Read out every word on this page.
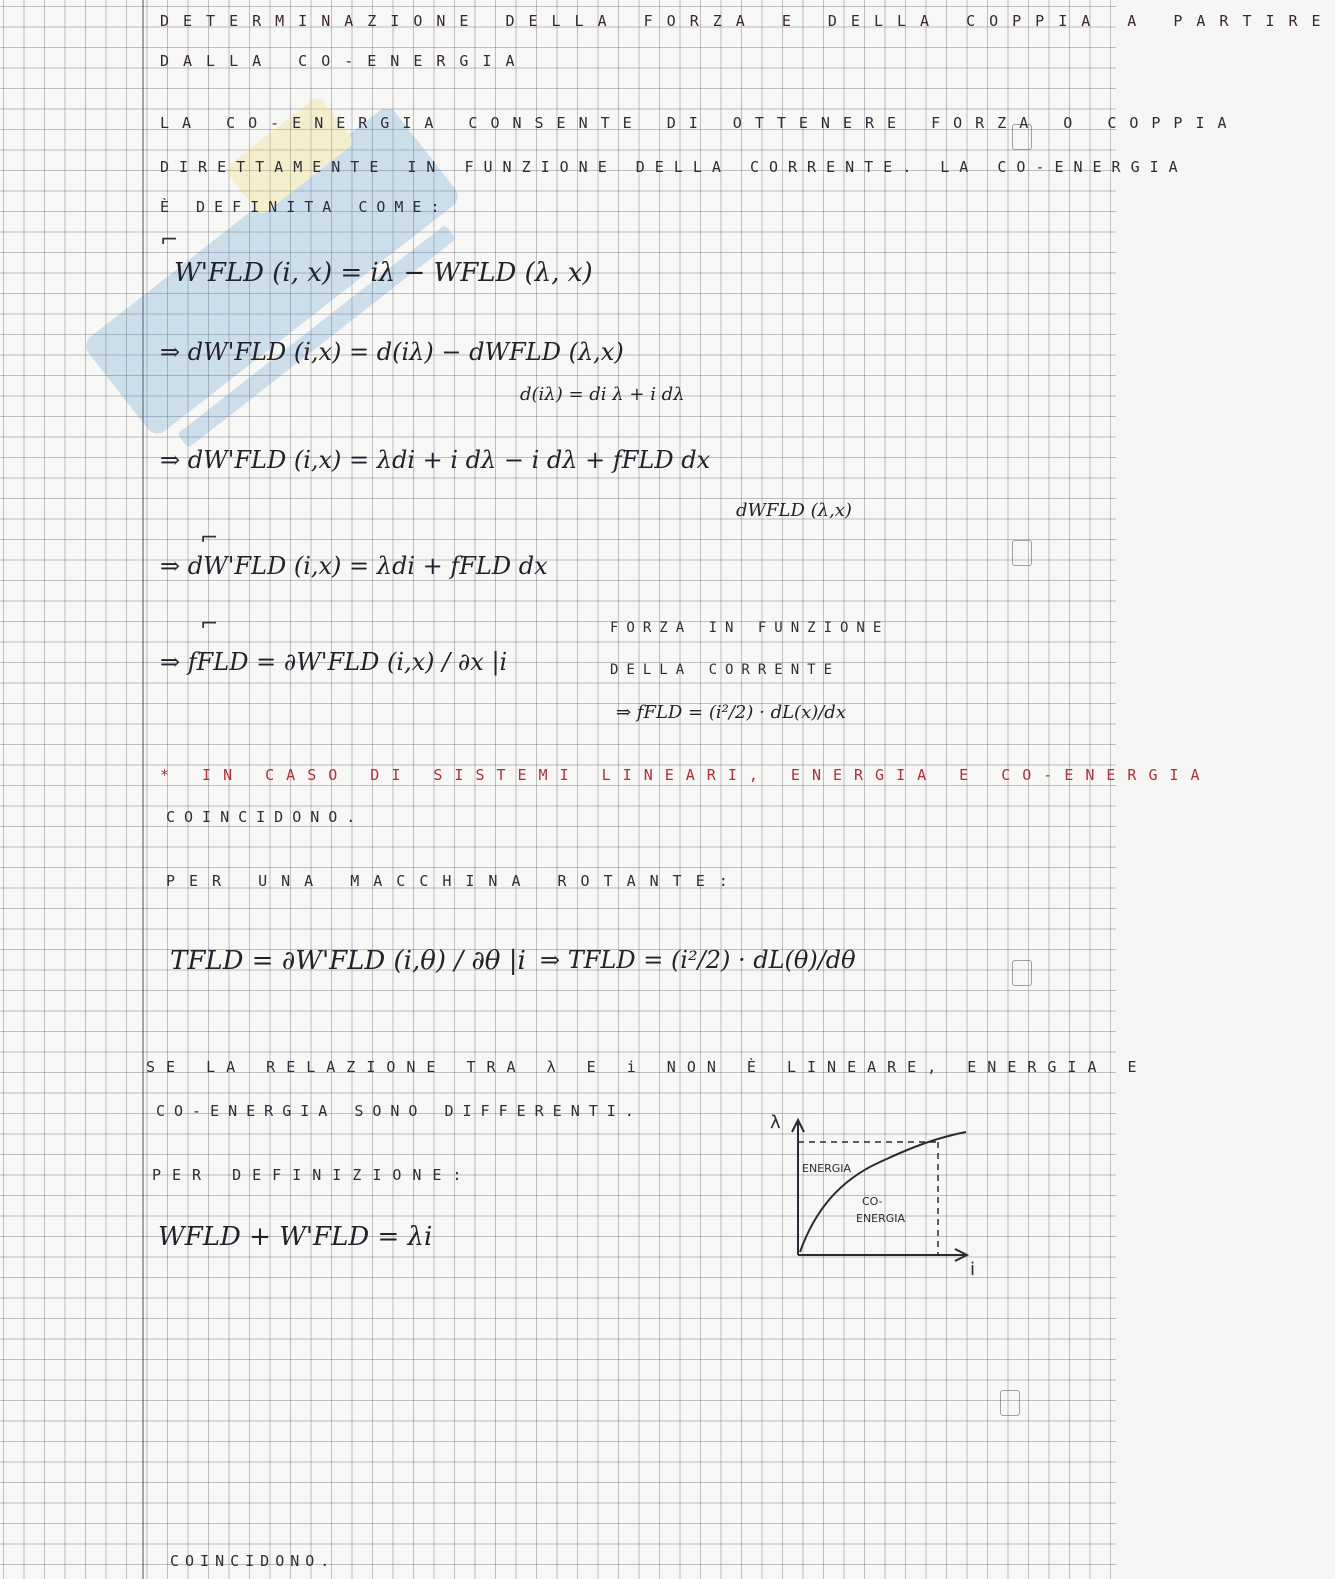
DETERMINAZIONE DELLA FORZA E DELLA COPPIA A PARTIRE
DALLA CO-ENERGIA
LA CO-ENERGIA CONSENTE DI OTTENERE FORZA O COPPIA
DIRETTAMENTE IN FUNZIONE DELLA CORRENTE. LA CO-ENERGIA
È DEFINITA COME:
⌐
W'FLD (i, x) = iλ − WFLD (λ, x)
⇒ dW'FLD (i,x) = d(iλ) − dWFLD (λ,x)
d(iλ) = di λ + i dλ
⇒ dW'FLD (i,x) = λdi + i dλ − i dλ + fFLD dx
dWFLD (λ,x)
⌐
⇒ dW'FLD (i,x) = λdi + fFLD dx
⌐
⇒ fFLD = ∂W'FLD (i,x) / ∂x |i
FORZA IN FUNZIONE
DELLA CORRENTE
⇒ fFLD = (i²/2) · dL(x)/dx
* IN CASO DI SISTEMI LINEARI, ENERGIA E CO-ENERGIA
COINCIDONO.
PER UNA MACCHINA ROTANTE:
TFLD = ∂W'FLD (i,θ) / ∂θ |i ⇒ TFLD = (i²/2) · dL(θ)/dθ
SE LA RELAZIONE TRA λ E i NON È LINEARE, ENERGIA E
CO-ENERGIA SONO DIFFERENTI.
PER DEFINIZIONE:
WFLD + W'FLD = λi
λ
i
ENERGIA
CO-
ENERGIA
COINCIDONO.
